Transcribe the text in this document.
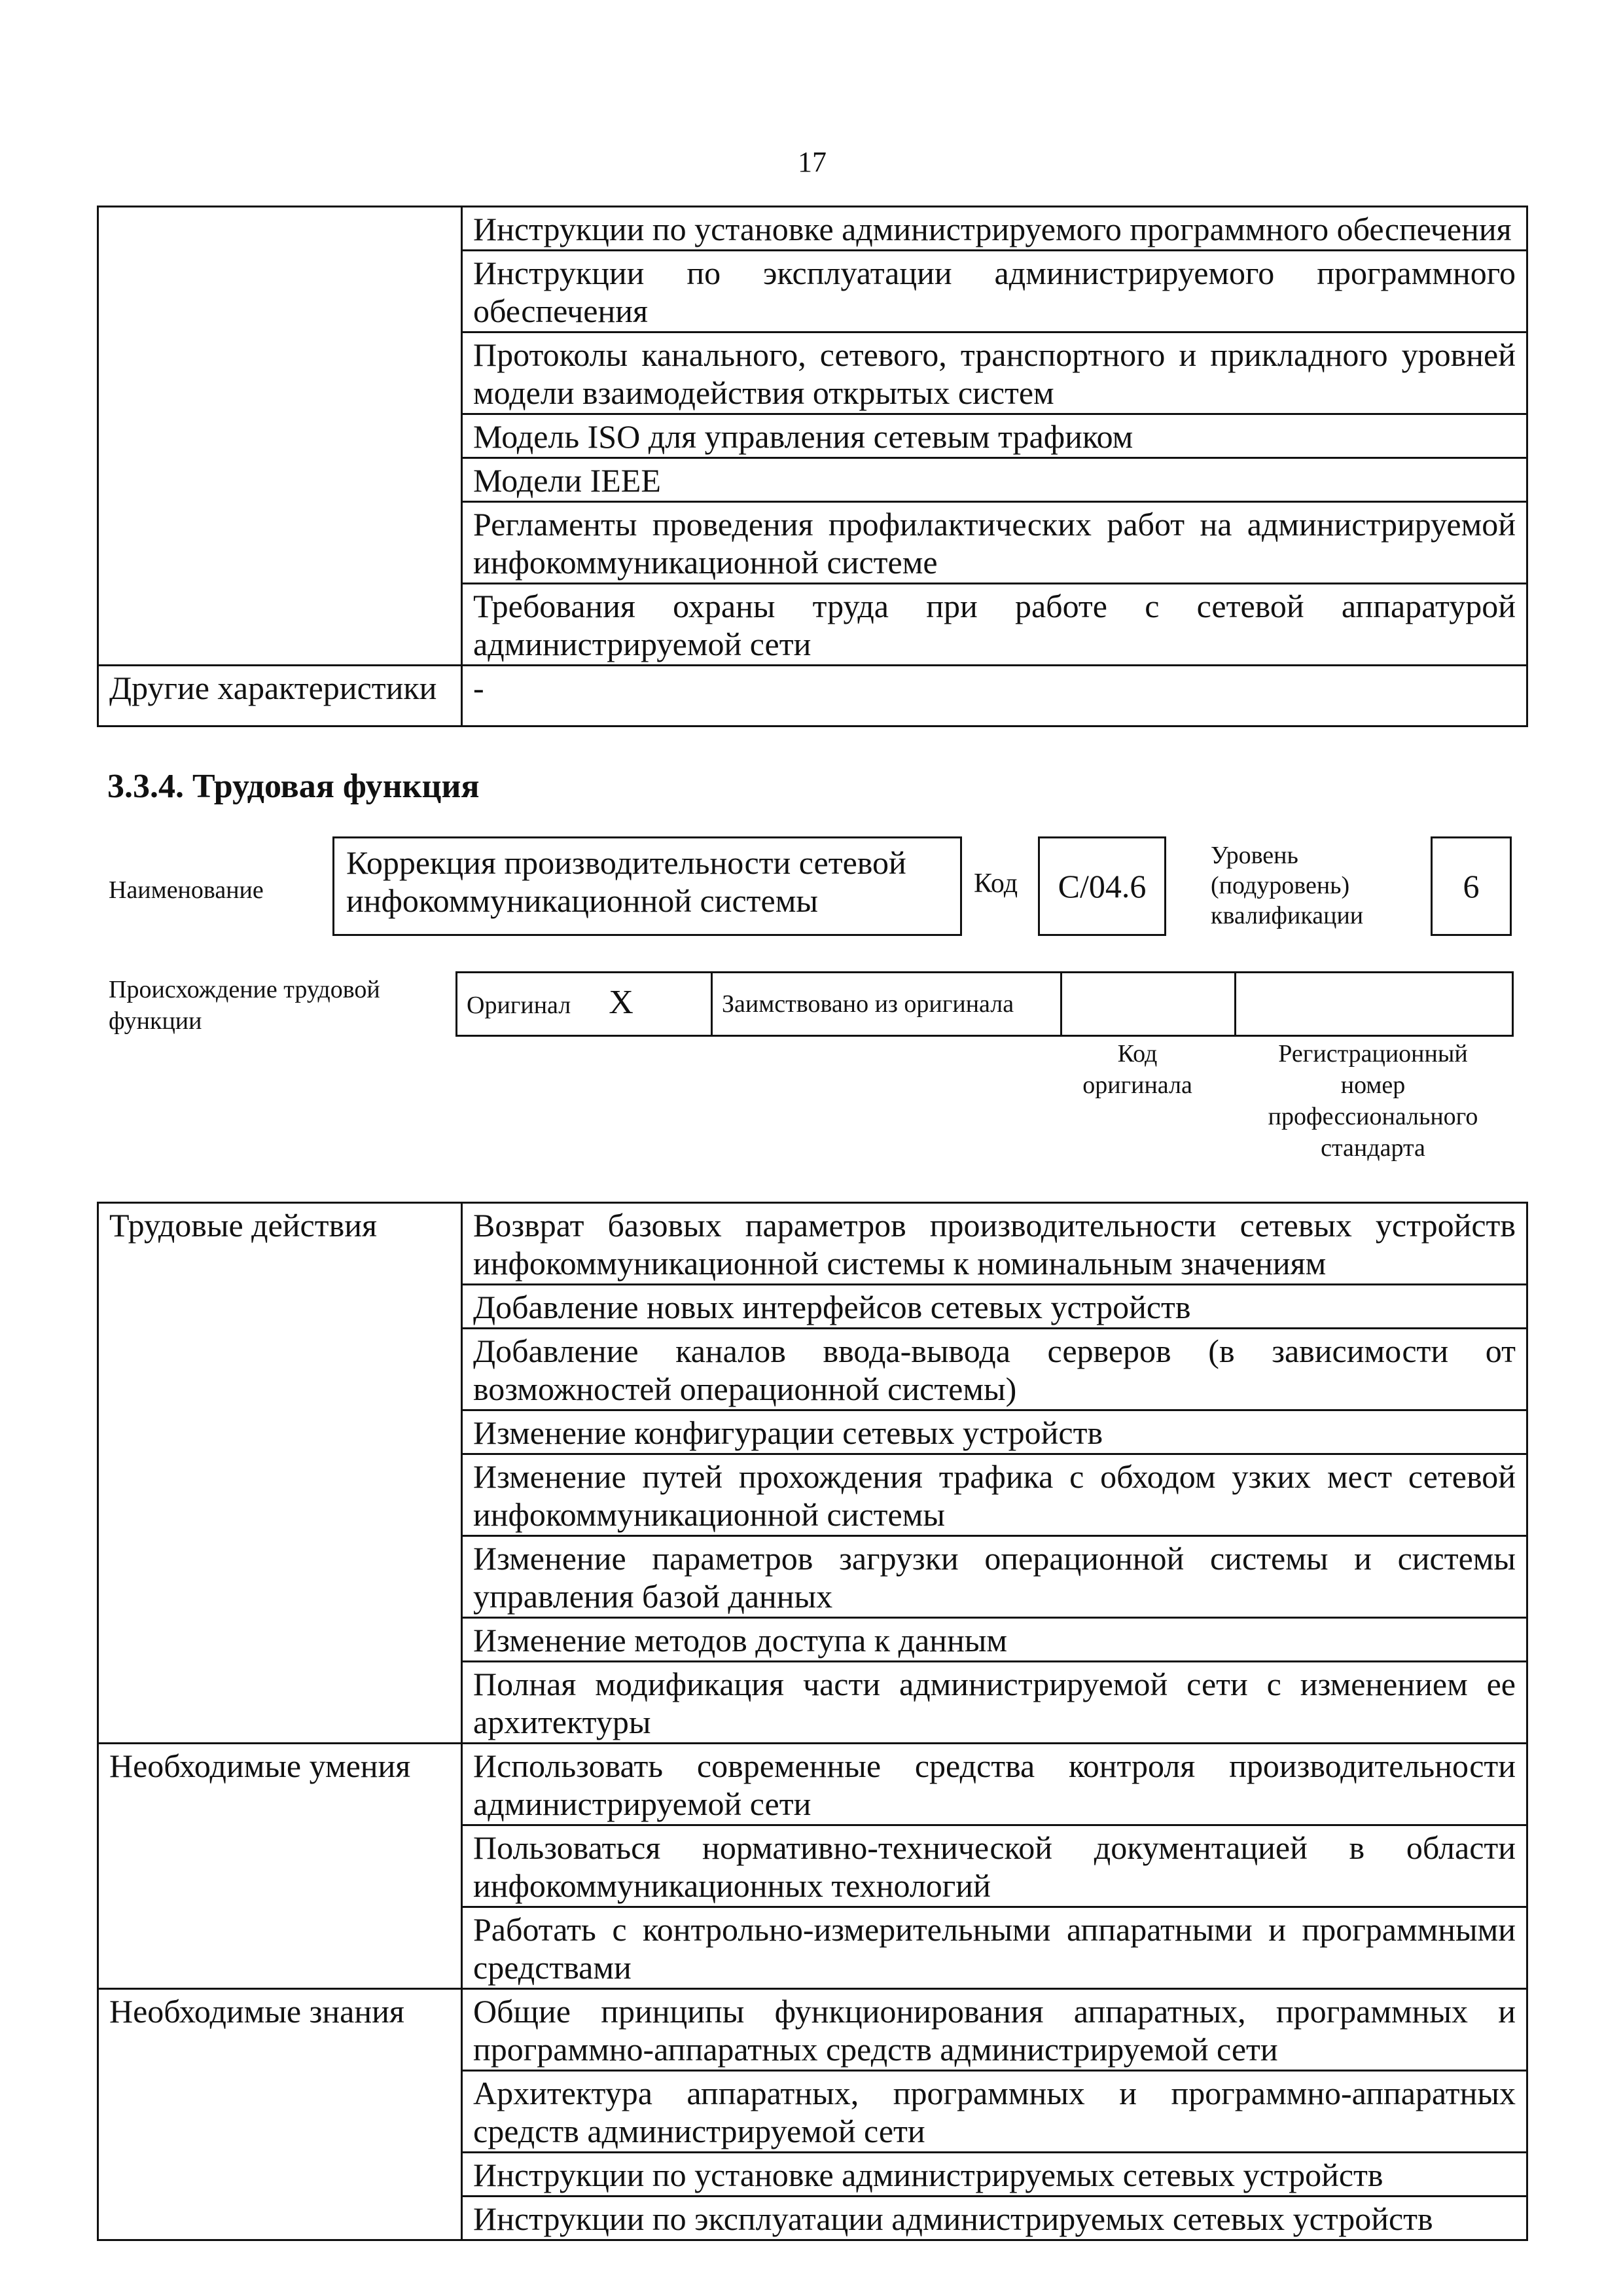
17
	Инструкции по установке администрируемого программного обеспечения
	Инструкции по эксплуатации администрируемого программного обеспечения
	Протоколы канального, сетевого, транспортного и прикладного уровней модели взаимодействия открытых систем
	Модель ISO для управления сетевым трафиком
	Модели IEEE
	Регламенты проведения профилактических работ на администрируемой инфокоммуникационной системе
	Требования охраны труда при работе с сетевой аппаратурой администрируемой сети
Другие характеристики	-
3.3.4. Трудовая функция
Наименование
Коррекция производительности сетевой инфокоммуникационной системы	Код	C/04.6
Уровень
(подуровень)
квалификации
6
Происхождение трудовой
функции
Оригинал X	Заимствовано из оригинала		
Код
оригинала
Регистрационный
номер
профессионального
стандарта
Трудовые действия	Возврат базовых параметров производительности сетевых устройств инфокоммуникационной системы к номинальным значениям
	Добавление новых интерфейсов сетевых устройств
	Добавление каналов ввода-вывода серверов (в зависимости от возможностей операционной системы)
	Изменение конфигурации сетевых устройств
	Изменение путей прохождения трафика с обходом узких мест сетевой инфокоммуникационной системы
	Изменение параметров загрузки операционной системы и системы управления базой данных
	Изменение методов доступа к данным
	Полная модификация части администрируемой сети с изменением ее архитектуры
Необходимые умения	Использовать современные средства контроля производительности администрируемой сети
	Пользоваться нормативно-технической документацией в области инфокоммуникационных технологий
	Работать с контрольно-измерительными аппаратными и программными средствами
Необходимые знания	Общие принципы функционирования аппаратных, программных и программно-аппаратных средств администрируемой сети
	Архитектура аппаратных, программных и программно-аппаратных средств администрируемой сети
	Инструкции по установке администрируемых сетевых устройств
	Инструкции по эксплуатации администрируемых сетевых устройств
